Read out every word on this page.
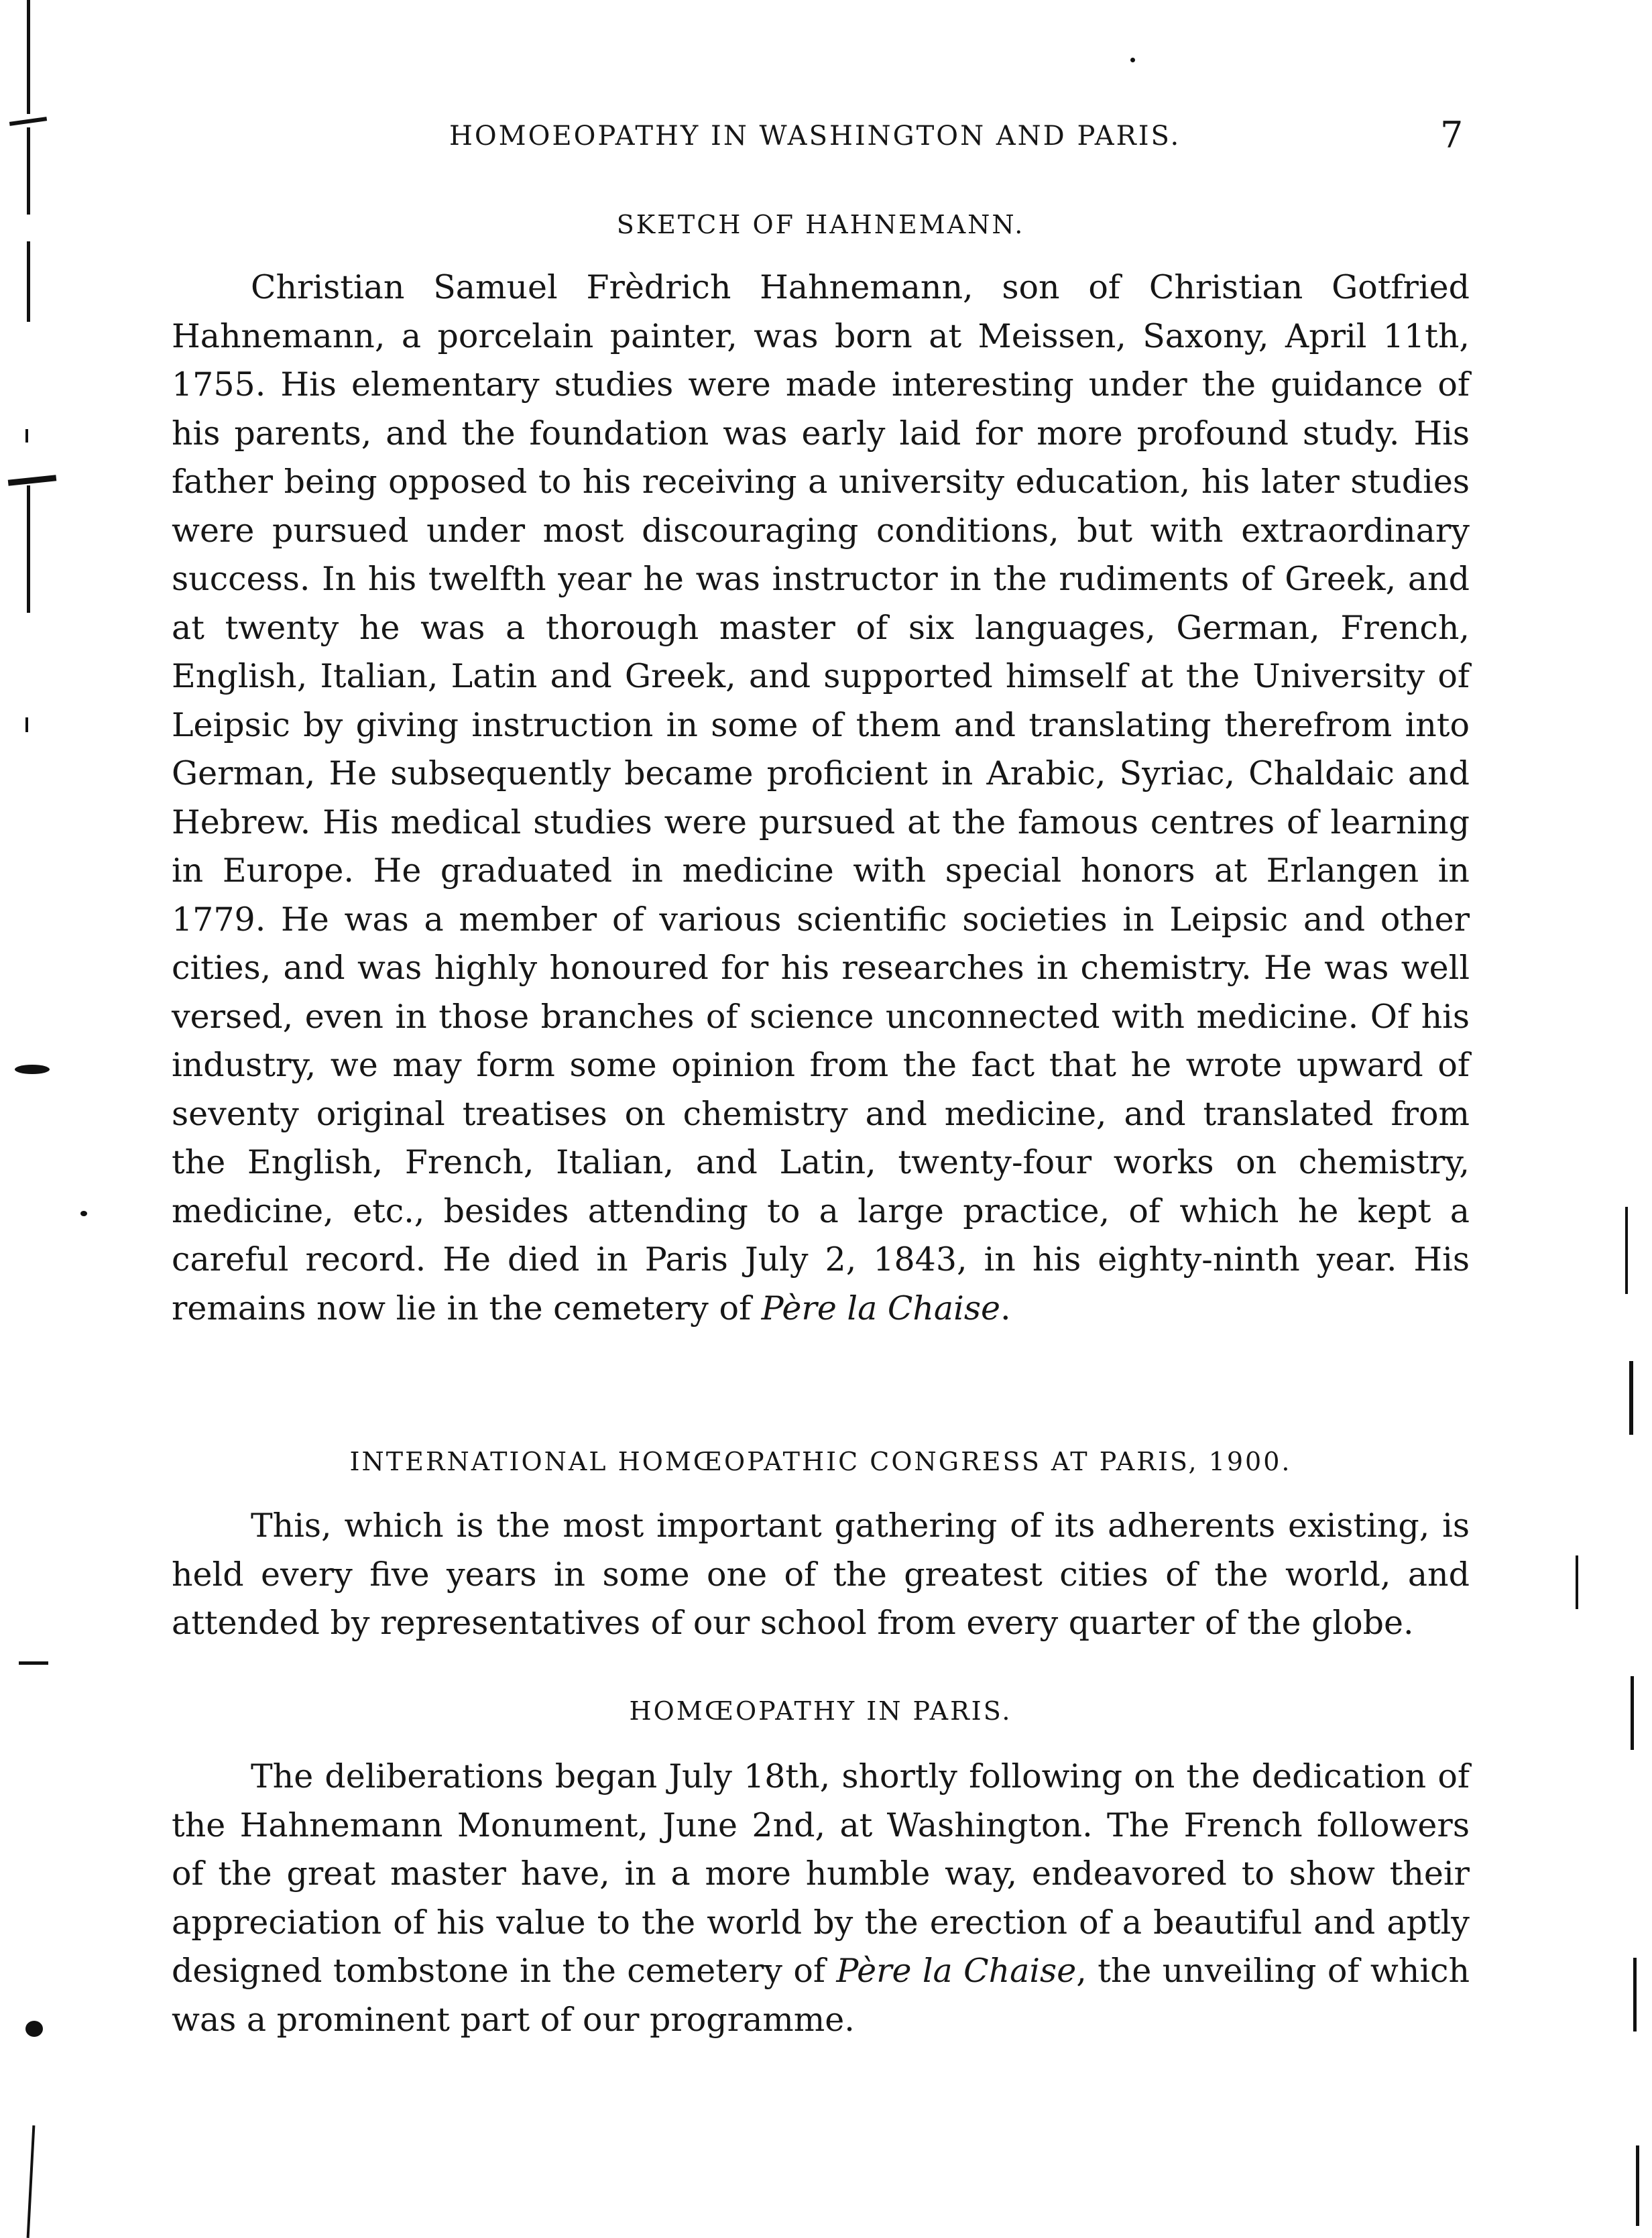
HOMOEOPATHY IN WASHINGTON AND PARIS.	7
SKETCH OF HAHNEMANN.

Christian Samuel Frèdrich Hahnemann, son of Christian Gotfried Hahnemann, a porcelain painter, was born at Meissen, Saxony, April 11th, 1755. His elementary studies were made interesting under the guidance of his parents, and the foundation was early laid for more profound study. His father being opposed to his receiving a university education, his later studies were pursued under most discouraging conditions, but with extraordinary success. In his twelfth year he was instructor in the rudiments of Greek, and at twenty he was a thorough master of six languages, German, French, English, Italian, Latin and Greek, and supported himself at the University of Leipsic by giving instruction in some of them and translating therefrom into German, He subsequently became proficient in Arabic, Syriac, Chaldaic and Hebrew. His medical studies were pursued at the famous centres of learning in Europe. He graduated in medicine with special honors at Erlangen in 1779. He was a member of various scientific societies in Leipsic and other cities, and was highly honoured for his researches in chemistry. He was well versed, even in those branches of science unconnected with medicine. Of his industry, we may form some opinion from the fact that he wrote upward of seventy original treatises on chemistry and medicine, and translated from the English, French, Italian, and Latin, twenty-four works on chemistry, medicine, etc., besides attending to a large practice, of which he kept a careful record. He died in Paris July 2, 1843, in his eighty-ninth year. His remains now lie in the cemetery of Père la Chaise.

INTERNATIONAL HOMŒOPATHIC CONGRESS AT PARIS, 1900.

This, which is the most important gathering of its adherents existing, is held every five years in some one of the greatest cities of the world, and attended by representatives of our school from every quarter of the globe.

HOMŒOPATHY IN PARIS.

The deliberations began July 18th, shortly following on the dedication of the Hahnemann Monument, June 2nd, at Washington. The French followers of the great master have, in a more humble way, endeavored to show their appreciation of his value to the world by the erection of a beautiful and aptly designed tombstone in the cemetery of Père la Chaise, the unveiling of which was a prominent part of our programme.
